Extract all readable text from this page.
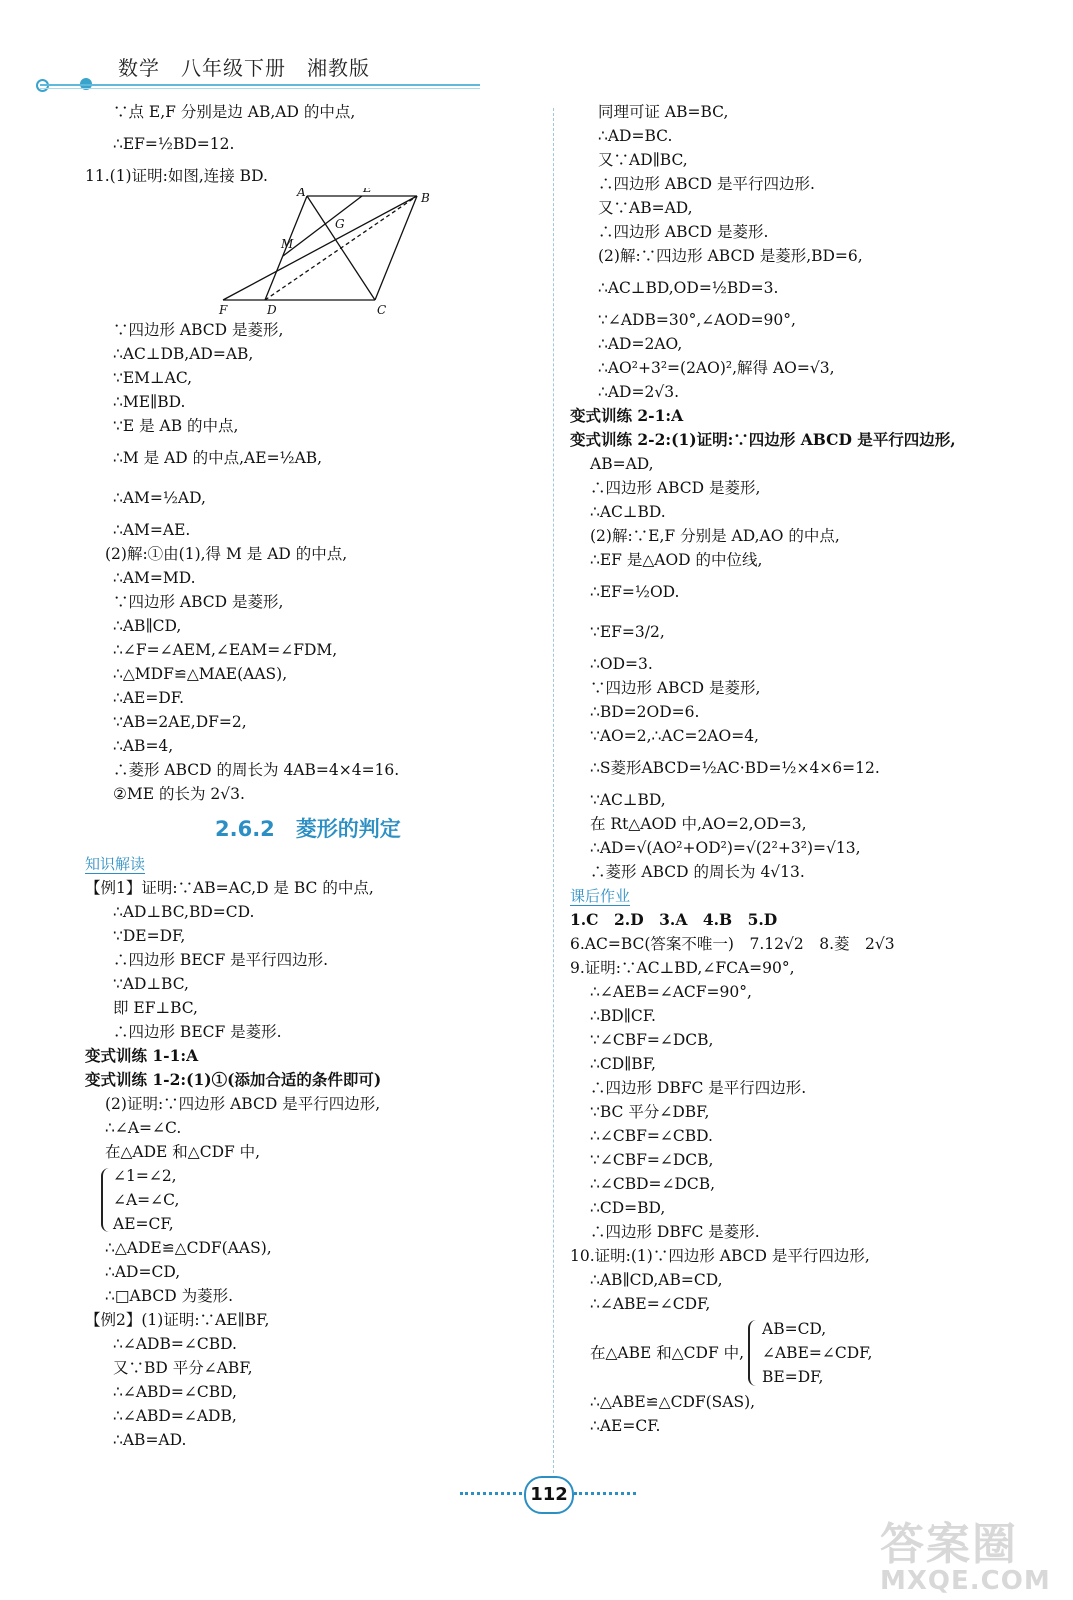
数学　八年级下册　湘教版
∵点 E,F 分别是边 AB,AD 的中点,
∴EF=½BD=12.
11.(1)证明:如图,连接 BD.
A	E
B
G
M
F	D	C
∵四边形 ABCD 是菱形,
∴AC⊥DB,AD=AB,
∵EM⊥AC,
∴ME∥BD.
∵E 是 AB 的中点,
∴M 是 AD 的中点,AE=½AB,
∴AM=½AD,
∴AM=AE.
(2)解:①由(1),得 M 是 AD 的中点,
∴AM=MD.
∵四边形 ABCD 是菱形,
∴AB∥CD,
∴∠F=∠AEM,∠EAM=∠FDM,
∴△MDF≌△MAE(AAS),
∴AE=DF.
∵AB=2AE,DF=2,
∴AB=4,
∴菱形 ABCD 的周长为 4AB=4×4=16.
②ME 的长为 2√3.
2.6.2　菱形的判定
知识解读
【例1】证明:∵AB=AC,D 是 BC 的中点,
∴AD⊥BC,BD=CD.
∵DE=DF,
∴四边形 BECF 是平行四边形.
∵AD⊥BC,
即 EF⊥BC,
∴四边形 BECF 是菱形.
变式训练 1-1:A
变式训练 1-2:(1)①(添加合适的条件即可)
(2)证明:∵四边形 ABCD 是平行四边形,
∴∠A=∠C.
在△ADE 和△CDF 中,
∠1=∠2,
∠A=∠C,
AE=CF,
∴△ADE≌△CDF(AAS),
∴AD=CD,
∴□ABCD 为菱形.
【例2】(1)证明:∵AE∥BF,
∴∠ADB=∠CBD.
又∵BD 平分∠ABF,
∴∠ABD=∠CBD,
∴∠ABD=∠ADB,
∴AB=AD.
同理可证 AB=BC,
∴AD=BC.
又∵AD∥BC,
∴四边形 ABCD 是平行四边形.
又∵AB=AD,
∴四边形 ABCD 是菱形.
(2)解:∵四边形 ABCD 是菱形,BD=6,
∴AC⊥BD,OD=½BD=3.
∵∠ADB=30°,∠AOD=90°,
∴AD=2AO,
∴AO²+3²=(2AO)²,解得 AO=√3,
∴AD=2√3.
变式训练 2-1:A
变式训练 2-2:(1)证明:∵四边形 ABCD 是平行四边形,
AB=AD,
∴四边形 ABCD 是菱形,
∴AC⊥BD.
(2)解:∵E,F 分别是 AD,AO 的中点,
∴EF 是△AOD 的中位线,
∴EF=½OD.
∵EF=3/2,
∴OD=3.
∵四边形 ABCD 是菱形,
∴BD=2OD=6.
∵AO=2,∴AC=2AO=4,
∴S菱形ABCD=½AC·BD=½×4×6=12.
∵AC⊥BD,
在 Rt△AOD 中,AO=2,OD=3,
∴AD=√(AO²+OD²)=√(2²+3²)=√13,
∴菱形 ABCD 的周长为 4√13.
课后作业
1.C　2.D　3.A　4.B　5.D
6.AC=BC(答案不唯一)　7.12√2　8.菱　2√3
9.证明:∵AC⊥BD,∠FCA=90°,
∴∠AEB=∠ACF=90°,
∴BD∥CF.
∵∠CBF=∠DCB,
∴CD∥BF,
∴四边形 DBFC 是平行四边形.
∵BC 平分∠DBF,
∴∠CBF=∠CBD.
∵∠CBF=∠DCB,
∴∠CBD=∠DCB,
∴CD=BD,
∴四边形 DBFC 是菱形.
10.证明:(1)∵四边形 ABCD 是平行四边形,
∴AB∥CD,AB=CD,
∴∠ABE=∠CDF,
在△ABE 和△CDF 中,
AB=CD,
∠ABE=∠CDF,
BE=DF,
∴△ABE≌△CDF(SAS),
∴AE=CF.
112
答案圈
MXQE.COM
